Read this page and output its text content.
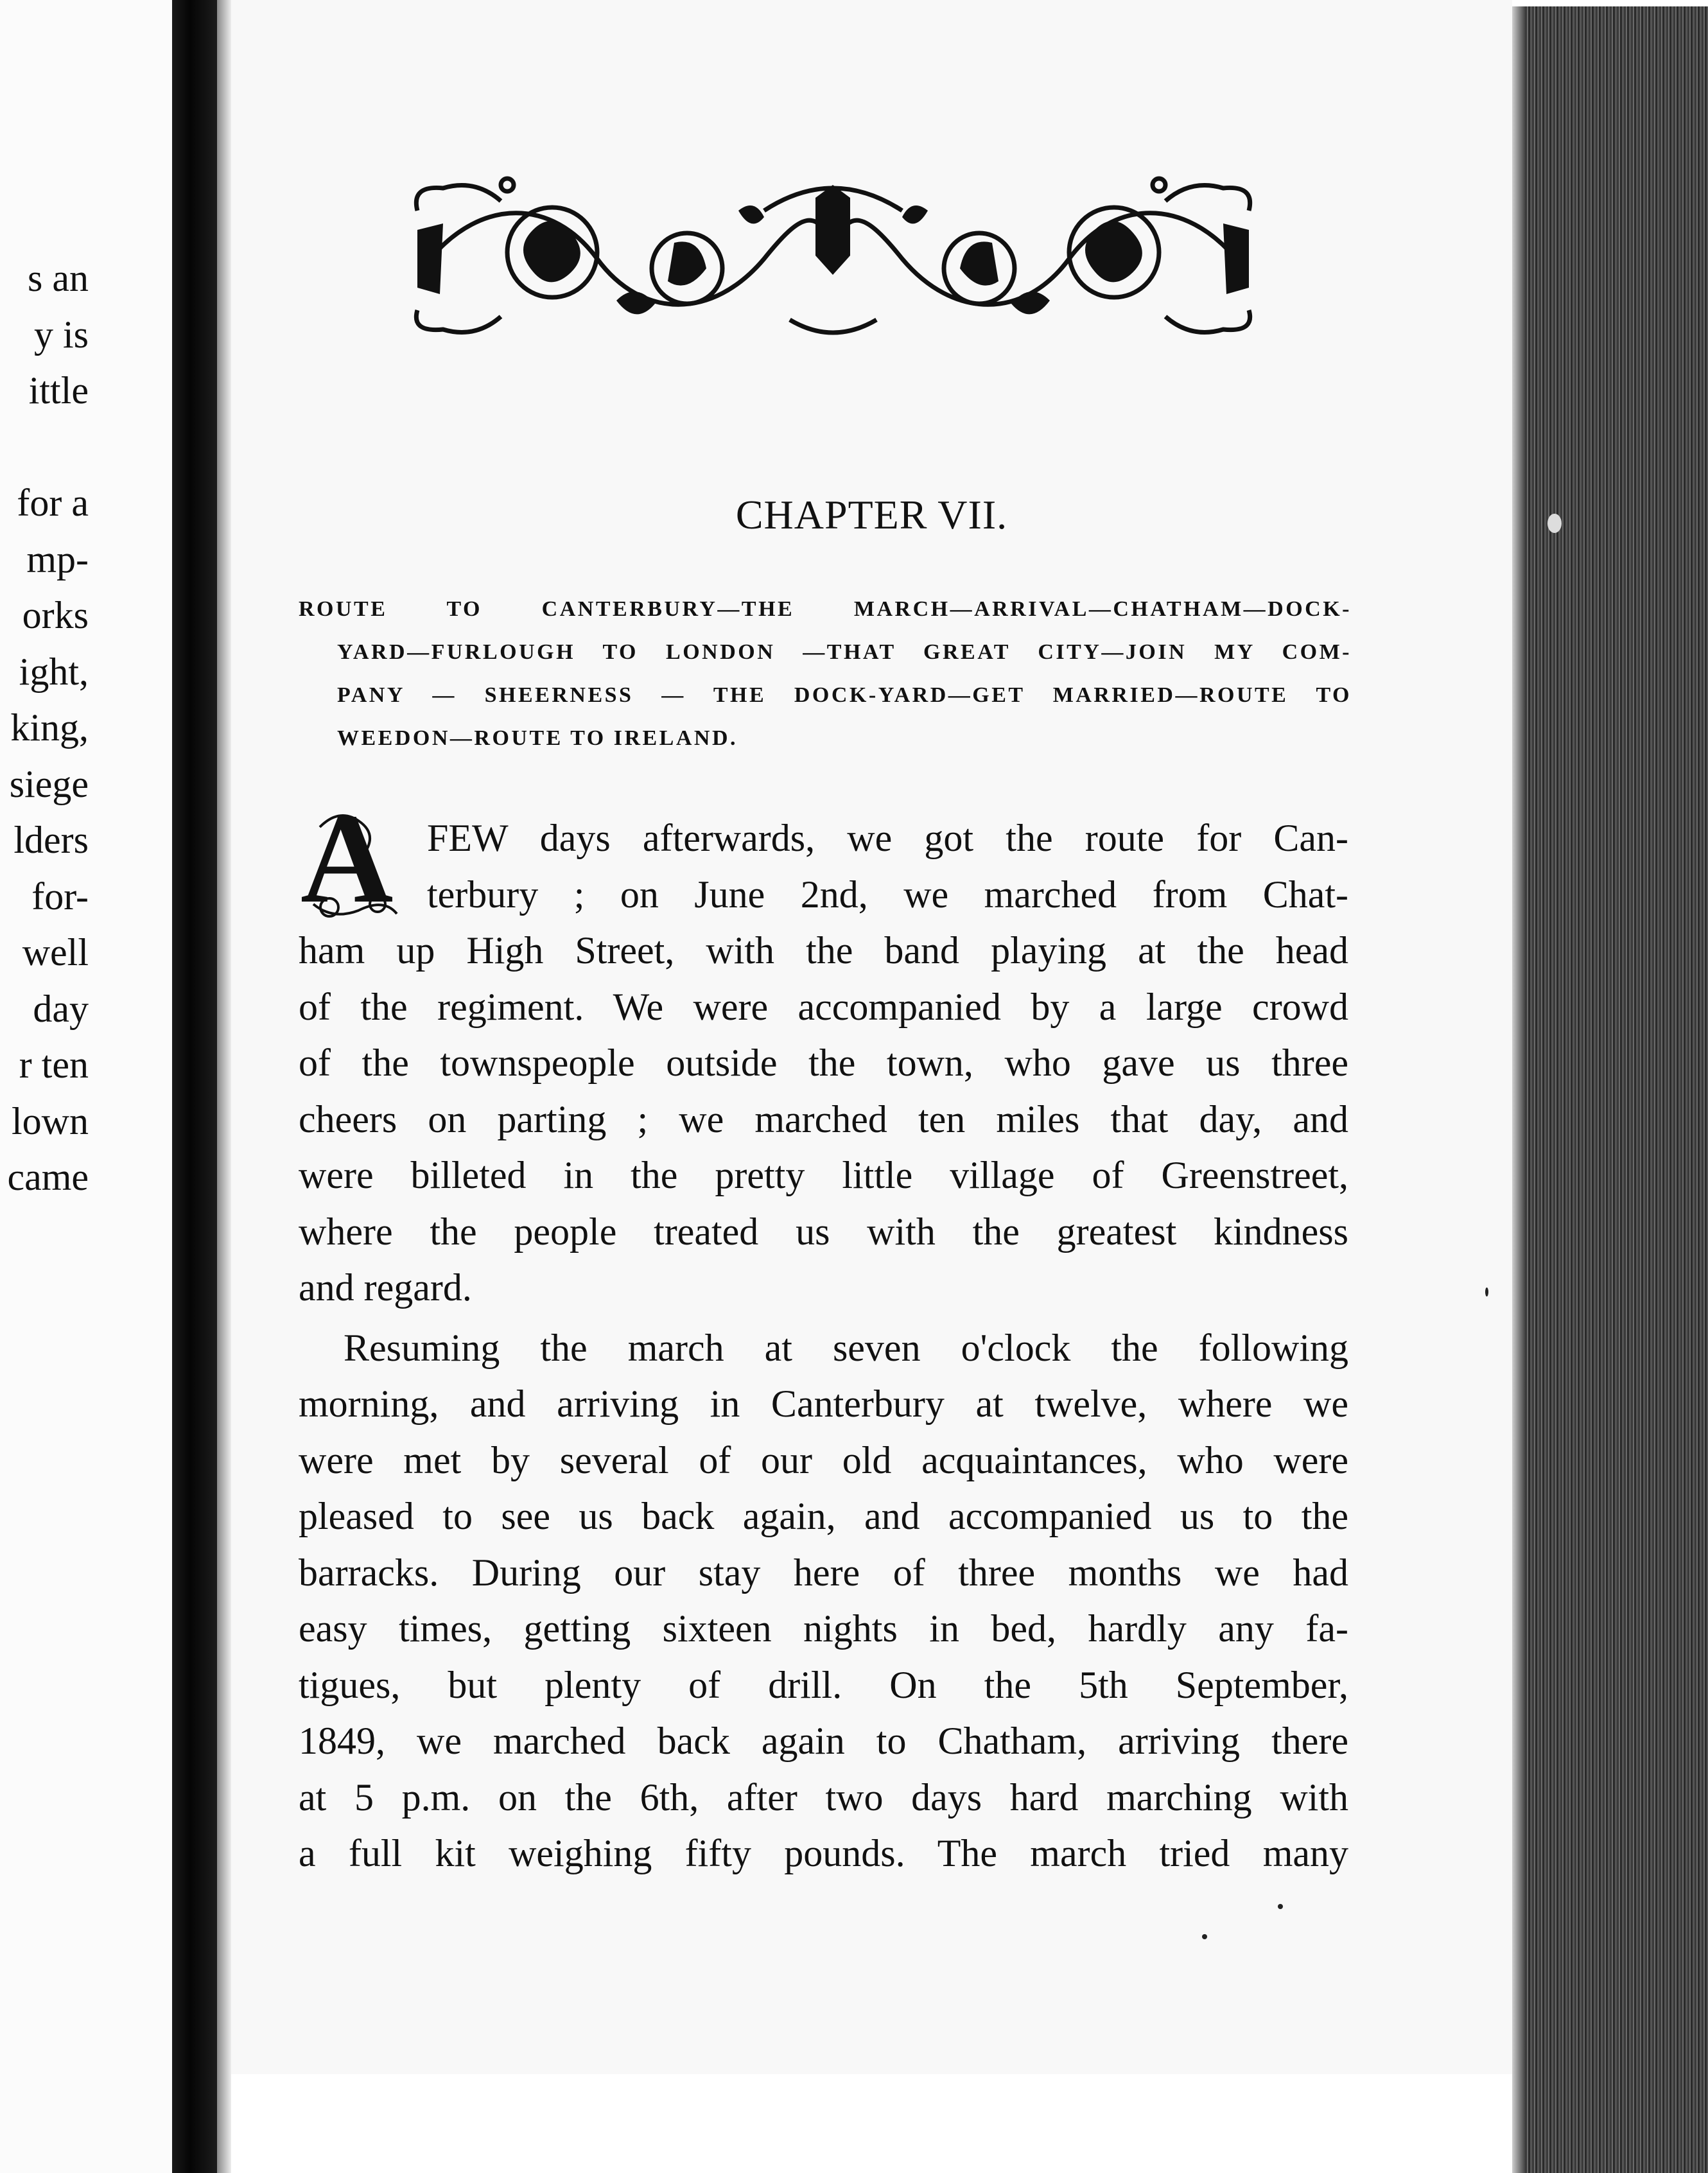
s an
y is
ittle
for a
mp-
orks
ight,
king,
siege
lders
for-
well
day
r ten
lown
came
CHAPTER VII.
ROUTE TO CANTERBURY—THE MARCH—ARRIVAL—CHATHAM—DOCK-
YARD—FURLOUGH TO LONDON —THAT GREAT CITY—JOIN MY COM-
PANY — SHEERNESS — THE DOCK-YARD—GET MARRIED—ROUTE TO
WEEDON—ROUTE TO IRELAND.
A FEW days afterwards, we got the route for Can-
terbury ; on June 2nd, we marched from Chat-
ham up High Street, with the band playing at the head
of the regiment. We were accompanied by a large crowd
of the townspeople outside the town, who gave us three
cheers on parting ; we marched ten miles that day, and
were billeted in the pretty little village of Greenstreet,
where the people treated us with the greatest kindness
and regard.
Resuming the march at seven o'clock the following
morning, and arriving in Canterbury at twelve, where we
were met by several of our old acquaintances, who were
pleased to see us back again, and accompanied us to the
barracks. During our stay here of three months we had
easy times, getting sixteen nights in bed, hardly any fa-
tigues, but plenty of drill. On the 5th September,
1849, we marched back again to Chatham, arriving there
at 5 p.m. on the 6th, after two days hard marching with
a full kit weighing fifty pounds. The march tried many
